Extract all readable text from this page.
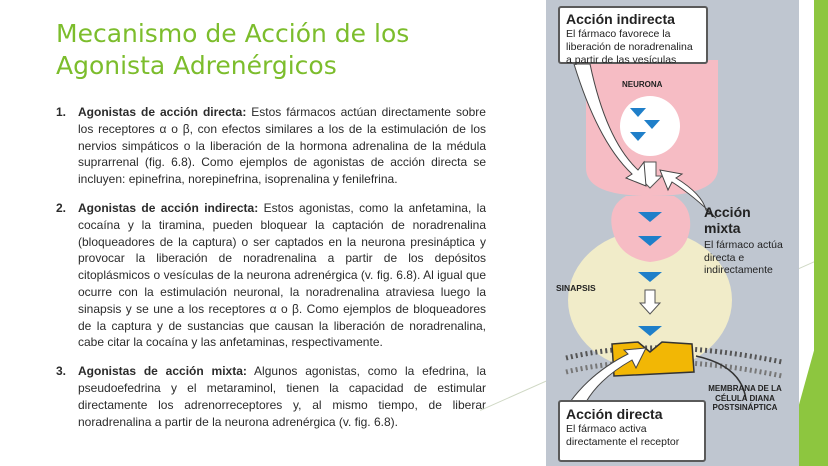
Mecanismo de Acción de los
Agonista Adrenérgicos
1. Agonistas de acción directa: Estos fármacos actúan directamente sobre los receptores α o β, con efectos similares a los de la estimulación de los nervios simpáticos o la liberación de la hormona adrenalina de la médula suprarrenal (fig. 6.8). Como ejemplos de agonistas de acción directa se incluyen: epinefrina, norepinefrina, isoprenalina y fenilefrina.

2. Agonistas de acción indirecta: Estos agonistas, como la anfetamina, la cocaína y la tiramina, pueden bloquear la captación de noradrenalina (bloqueadores de la captura) o ser captados en la neurona presináptica y provocar la liberación de noradrenalina a partir de los depósitos citoplásmicos o vesículas de la neurona adrenérgica (v. fig. 6.8). Al igual que ocurre con la estimulación neuronal, la noradrenalina atraviesa luego la sinapsis y se une a los receptores α o β. Como ejemplos de bloqueadores de la captura y de sustancias que causan la liberación de noradrenalina, cabe citar la cocaína y las anfetaminas, respectivamente.

3. Agonistas de acción mixta: Algunos agonistas, como la efedrina, la pseudoefedrina y el metaraminol, tienen la capacidad de estimular directamente los adrenorreceptores y, al mismo tiempo, de liberar noradrenalina a partir de la neurona adrenérgica (v. fig. 6.8).

Acción indirecta
El fármaco favorece la liberación de noradrenalina a partir de las vesículas
NEURONA
Acción
mixta
El fármaco actúa directa e indirectamente
SINAPSIS
MEMBRANA DE LA CÉLULA DIANA POSTSINÁPTICA
Acción directa
El fármaco activa directamente el receptor
